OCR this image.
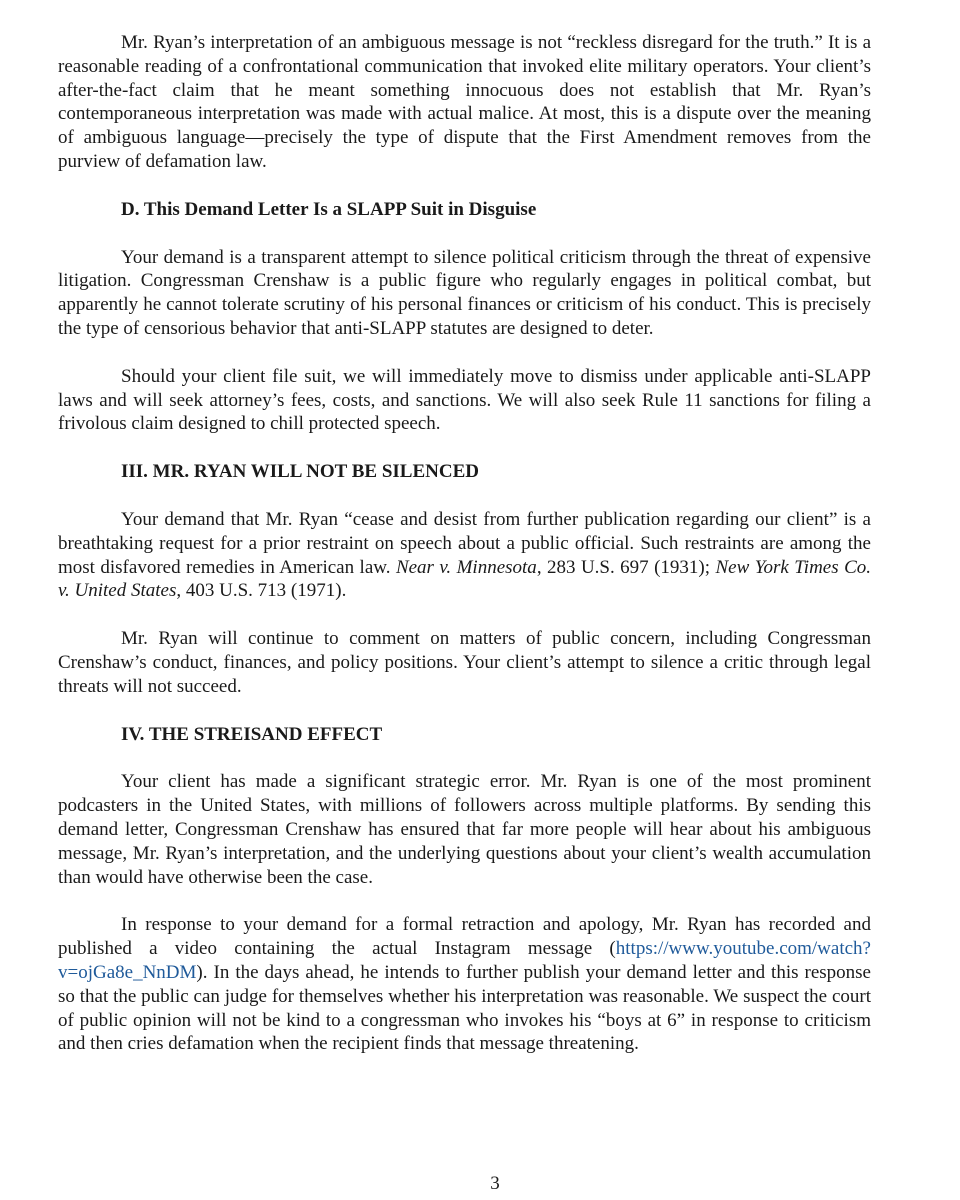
Mr. Ryan’s interpretation of an ambiguous message is not “reckless disregard for the truth.” It is a reasonable reading of a confrontational communication that invoked elite military operators. Your client’s after-the-fact claim that he meant something innocuous does not establish that Mr. Ryan’s contemporaneous interpretation was made with actual malice. At most, this is a dispute over the meaning of ambiguous language—precisely the type of dispute that the First Amendment removes from the purview of defamation law.

D. This Demand Letter Is a SLAPP Suit in Disguise

Your demand is a transparent attempt to silence political criticism through the threat of expensive litigation. Congressman Crenshaw is a public figure who regularly engages in political combat, but apparently he cannot tolerate scrutiny of his personal finances or criticism of his conduct. This is precisely the type of censorious behavior that anti-SLAPP statutes are designed to deter.

Should your client file suit, we will immediately move to dismiss under applicable anti-SLAPP laws and will seek attorney’s fees, costs, and sanctions. We will also seek Rule 11 sanctions for filing a frivolous claim designed to chill protected speech.

III. MR. RYAN WILL NOT BE SILENCED

Your demand that Mr. Ryan “cease and desist from further publication regarding our client” is a breathtaking request for a prior restraint on speech about a public official. Such restraints are among the most disfavored remedies in American law. Near v. Minnesota, 283 U.S. 697 (1931); New York Times Co. v. United States, 403 U.S. 713 (1971).

Mr. Ryan will continue to comment on matters of public concern, including Congressman Crenshaw’s conduct, finances, and policy positions. Your client’s attempt to silence a critic through legal threats will not succeed.

IV. THE STREISAND EFFECT

Your client has made a significant strategic error. Mr. Ryan is one of the most prominent podcasters in the United States, with millions of followers across multiple platforms. By sending this demand letter, Congressman Crenshaw has ensured that far more people will hear about his ambiguous message, Mr. Ryan’s interpretation, and the underlying questions about your client’s wealth accumulation than would have otherwise been the case.

In response to your demand for a formal retraction and apology, Mr. Ryan has recorded and published a video containing the actual Instagram message (https://www.youtube.com/watch?v=ojGa8e_NnDM). In the days ahead, he intends to further publish your demand letter and this response so that the public can judge for themselves whether his interpretation was reasonable. We suspect the court of public opinion will not be kind to a congressman who invokes his “boys at 6” in response to criticism and then cries defamation when the recipient finds that message threatening.

3
